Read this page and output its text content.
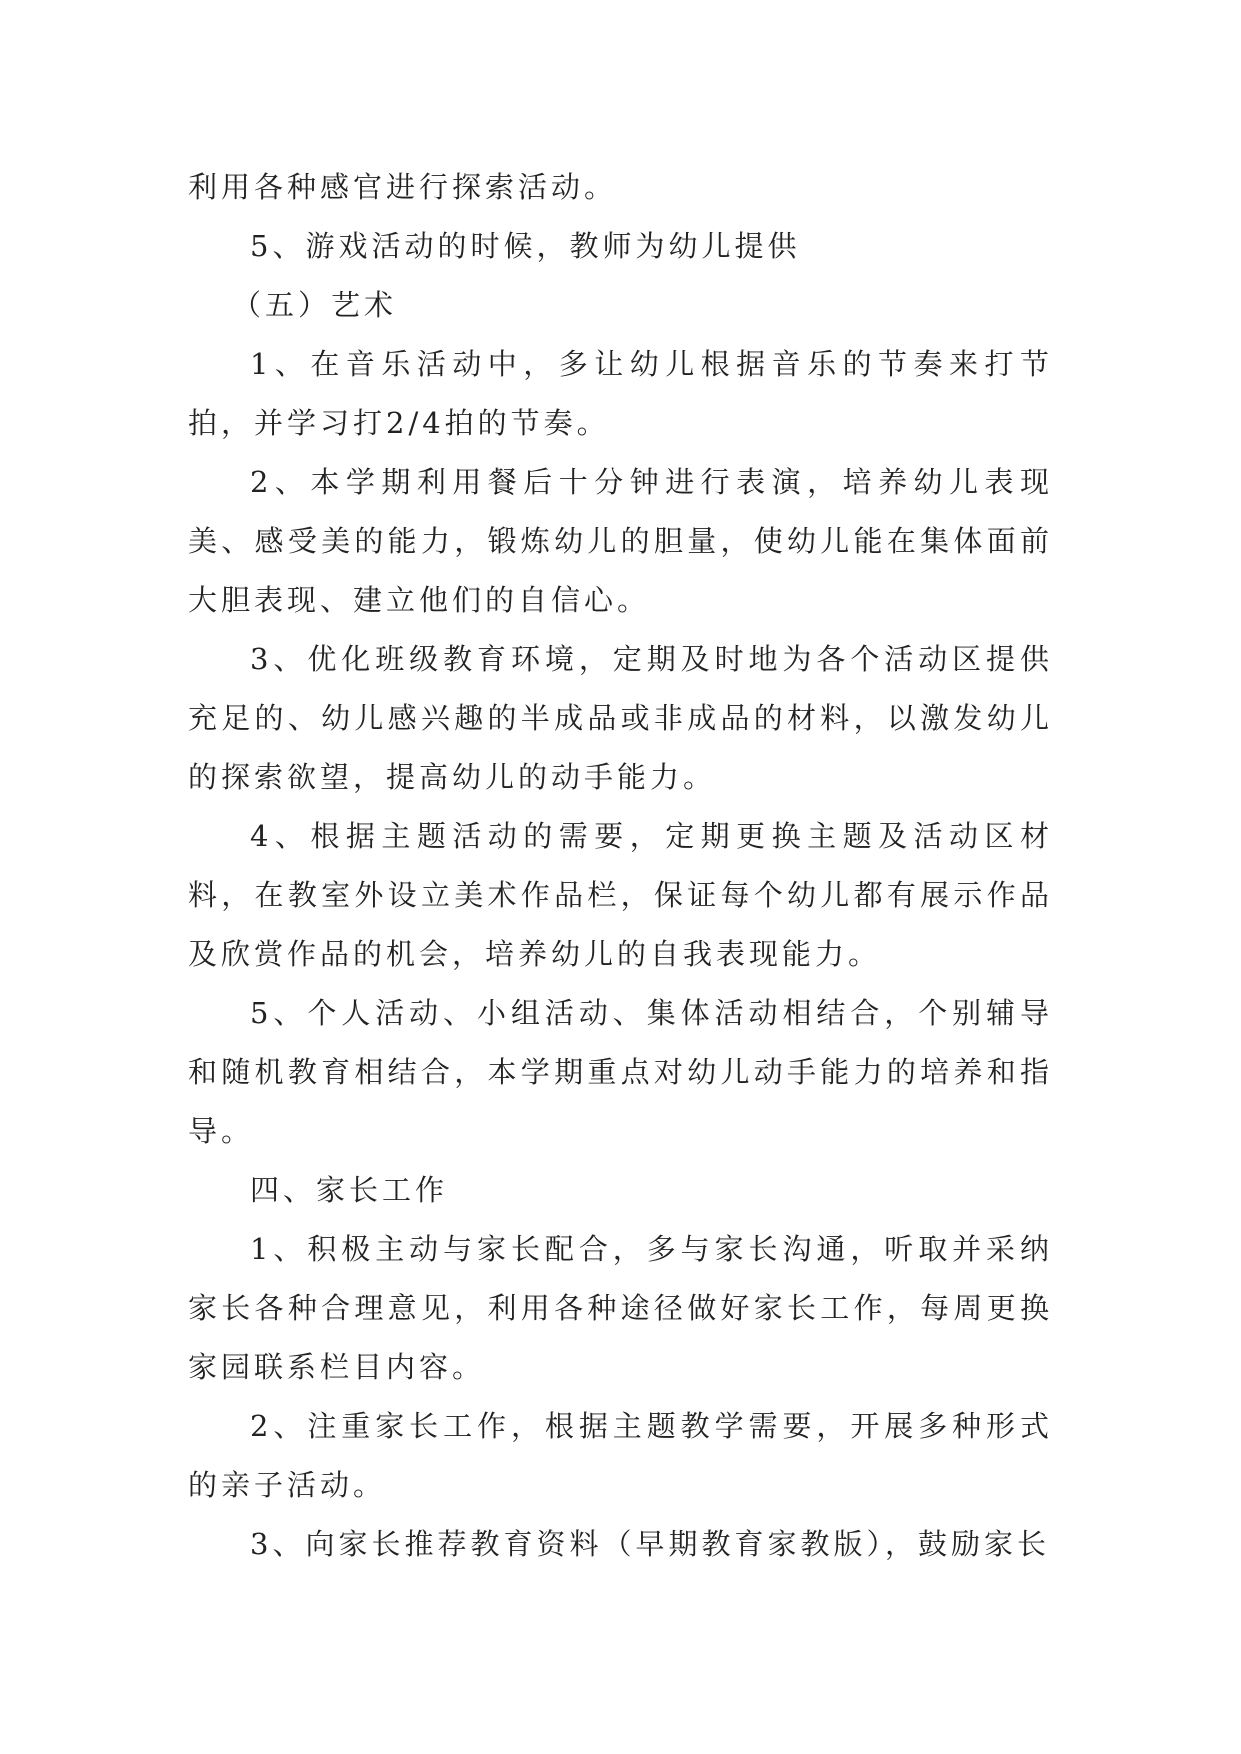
利用各种感官进行探索活动。

5、游戏活动的时候，教师为幼儿提供

（五）艺术

1、在音乐活动中，多让幼儿根据音乐的节奏来打节拍，并学习打2/4拍的节奏。

2、本学期利用餐后十分钟进行表演，培养幼儿表现美、感受美的能力，锻炼幼儿的胆量，使幼儿能在集体面前大胆表现、建立他们的自信心。

3、优化班级教育环境，定期及时地为各个活动区提供充足的、幼儿感兴趣的半成品或非成品的材料，以激发幼儿的探索欲望，提高幼儿的动手能力。

4、根据主题活动的需要，定期更换主题及活动区材料，在教室外设立美术作品栏，保证每个幼儿都有展示作品及欣赏作品的机会，培养幼儿的自我表现能力。

5、个人活动、小组活动、集体活动相结合，个别辅导和随机教育相结合，本学期重点对幼儿动手能力的培养和指导。

四、家长工作

1、积极主动与家长配合，多与家长沟通，听取并采纳家长各种合理意见，利用各种途径做好家长工作，每周更换家园联系栏目内容。

2、注重家长工作，根据主题教学需要，开展多种形式的亲子活动。

3、向家长推荐教育资料（早期教育家教版），鼓励家长
